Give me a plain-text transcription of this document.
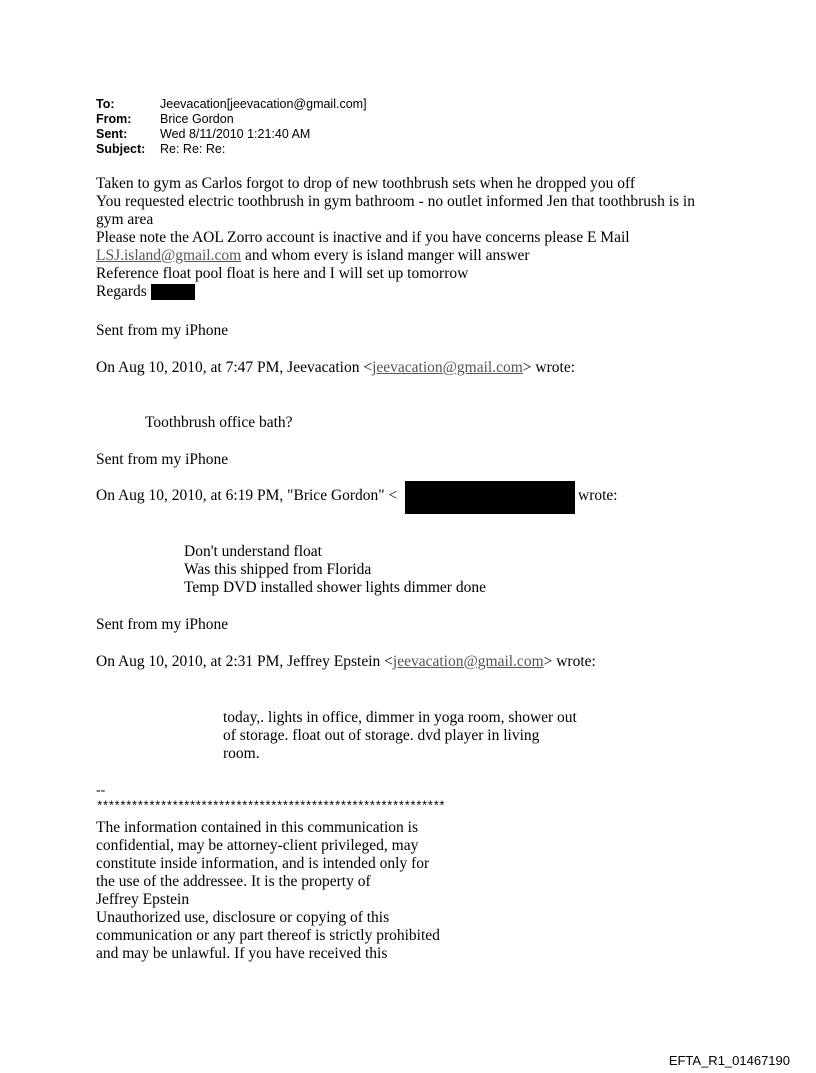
To:	Jeevacation[jeevacation@gmail.com]
From:	Brice Gordon
Sent:	Wed 8/11/2010 1:21:40 AM
Subject:	Re: Re: Re:
Taken to gym as Carlos forgot to drop of new toothbrush sets when he dropped you off
You requested electric toothbrush in gym bathroom - no outlet informed Jen that toothbrush is in
gym area
Please note the AOL Zorro account is inactive and if you have concerns please E Mail
LSJ.island@gmail.com and whom every is island manger will answer
Reference float pool float is here and I will set up tomorrow
Regards
Sent from my iPhone
On Aug 10, 2010, at 7:47 PM, Jeevacation <jeevacation@gmail.com> wrote:
Toothbrush office bath?
Sent from my iPhone
On Aug 10, 2010, at 6:19 PM, "Brice Gordon" <	wrote:
Don't understand float
Was this shipped from Florida
Temp DVD installed shower lights dimmer done
Sent from my iPhone
On Aug 10, 2010, at 2:31 PM, Jeffrey Epstein <jeevacation@gmail.com> wrote:
today,. lights in office, dimmer in yoga room, shower out
of storage. float out of storage. dvd player in living
room.
--
************************************************************
The information contained in this communication is
confidential, may be attorney-client privileged, may
constitute inside information, and is intended only for
the use of the addressee. It is the property of
Jeffrey Epstein
Unauthorized use, disclosure or copying of this
communication or any part thereof is strictly prohibited
and may be unlawful. If you have received this
EFTA_R1_01467190
